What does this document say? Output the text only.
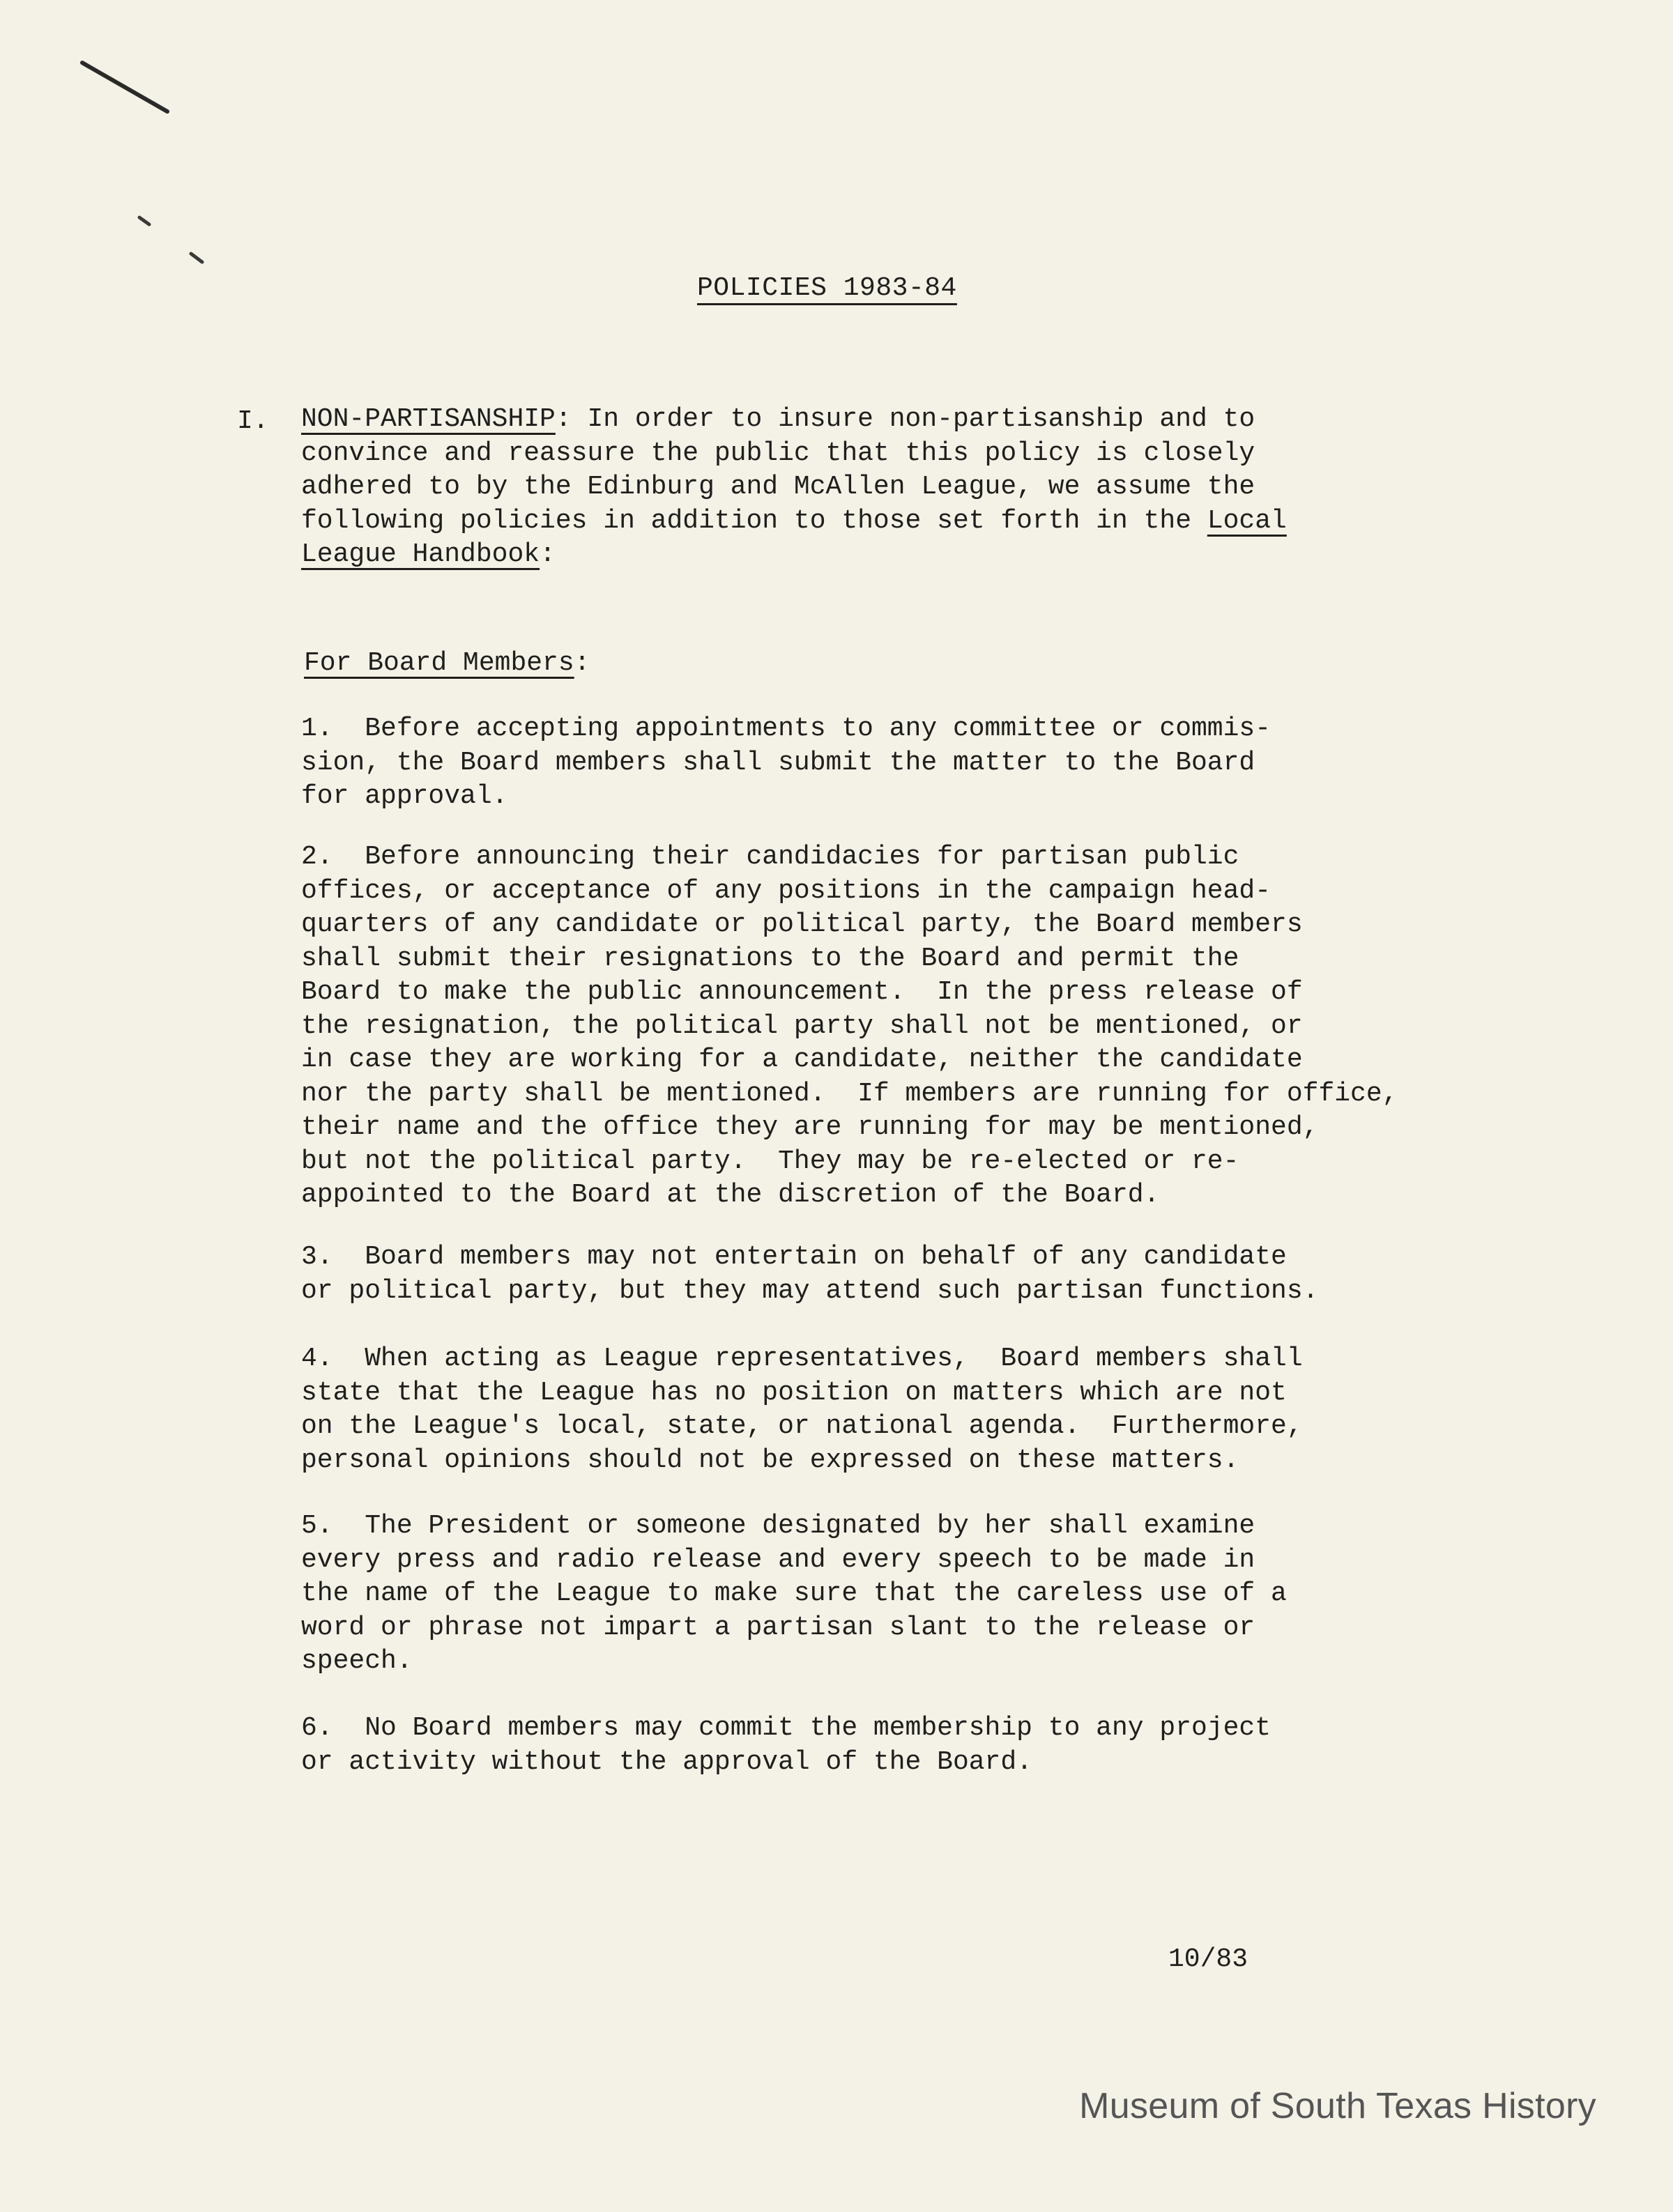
POLICIES 1983-84
I. NON-PARTISANSHIP: In order to insure non-partisanship and to
convince and reassure the public that this policy is closely
adhered to by the Edinburg and McAllen League, we assume the
following policies in addition to those set forth in the Local
League Handbook:
For Board Members:
1.  Before accepting appointments to any committee or commis-
sion, the Board members shall submit the matter to the Board
for approval.
2.  Before announcing their candidacies for partisan public
offices, or acceptance of any positions in the campaign head-
quarters of any candidate or political party, the Board members
shall submit their resignations to the Board and permit the
Board to make the public announcement.  In the press release of
the resignation, the political party shall not be mentioned, or
in case they are working for a candidate, neither the candidate
nor the party shall be mentioned.  If members are running for office,
their name and the office they are running for may be mentioned,
but not the political party.  They may be re-elected or re-
appointed to the Board at the discretion of the Board.
3.  Board members may not entertain on behalf of any candidate
or political party, but they may attend such partisan functions.
4.  When acting as League representatives,  Board members shall
state that the League has no position on matters which are not
on the League's local, state, or national agenda.  Furthermore,
personal opinions should not be expressed on these matters.
5.  The President or someone designated by her shall examine
every press and radio release and every speech to be made in
the name of the League to make sure that the careless use of a
word or phrase not impart a partisan slant to the release or
speech.
6.  No Board members may commit the membership to any project
or activity without the approval of the Board.
10/83
Museum of South Texas History
